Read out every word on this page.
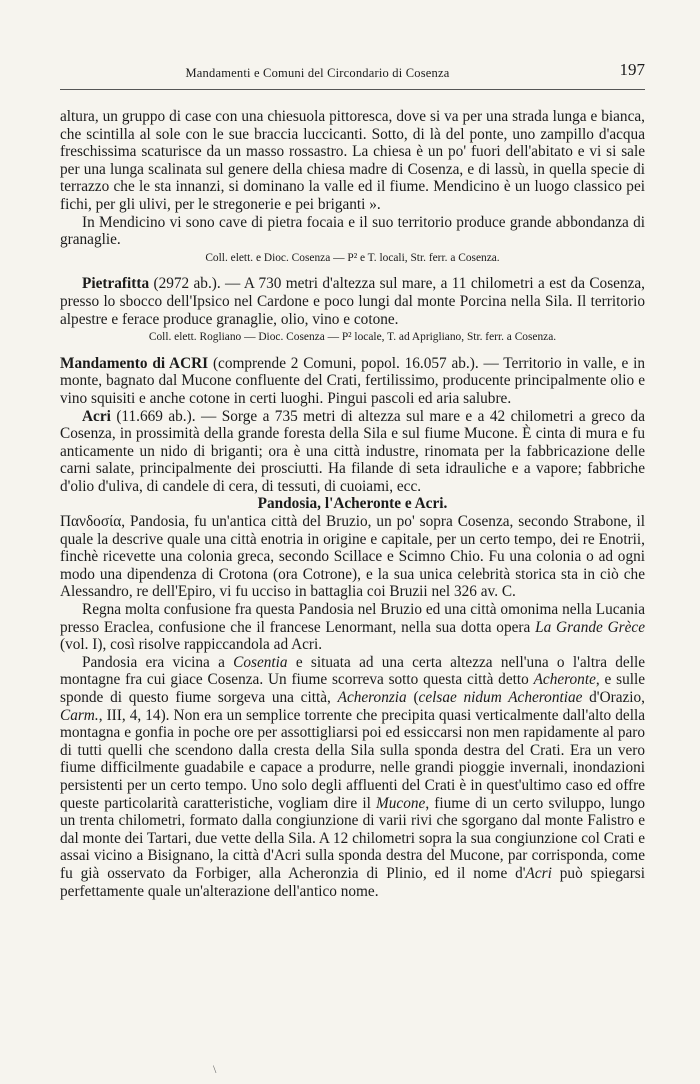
Mandamenti e Comuni del Circondario di Cosenza	197

altura, un gruppo di case con una chiesuola pittoresca, dove si va per una strada lunga e bianca, che scintilla al sole con le sue braccia luccicanti. Sotto, di là del ponte, uno zampillo d'acqua freschissima scaturisce da un masso rossastro. La chiesa è un po' fuori dell'abitato e vi si sale per una lunga scalinata sul genere della chiesa madre di Cosenza, e di lassù, in quella specie di terrazzo che le sta innanzi, si dominano la valle ed il fiume. Mendicino è un luogo classico pei fichi, per gli ulivi, per le stregonerie e pei briganti ».

In Mendicino vi sono cave di pietra focaia e il suo territorio produce grande abbondanza di granaglie.

Coll. elett. e Dioc. Cosenza — P² e T. locali, Str. ferr. a Cosenza.

Pietrafitta (2972 ab.). — A 730 metri d'altezza sul mare, a 11 chilometri a est da Cosenza, presso lo sbocco dell'Ipsico nel Cardone e poco lungi dal monte Porcina nella Sila. Il territorio alpestre e ferace produce granaglie, olio, vino e cotone.

Coll. elett. Rogliano — Dioc. Cosenza — P² locale, T. ad Aprigliano, Str. ferr. a Cosenza.

Mandamento di ACRI (comprende 2 Comuni, popol. 16.057 ab.). — Territorio in valle, e in monte, bagnato dal Mucone confluente del Crati, fertilissimo, producente principalmente olio e vino squisiti e anche cotone in certi luoghi. Pingui pascoli ed aria salubre.

Acri (11.669 ab.). — Sorge a 735 metri di altezza sul mare e a 42 chilometri a greco da Cosenza, in prossimità della grande foresta della Sila e sul fiume Mucone. È cinta di mura e fu anticamente un nido di briganti; ora è una città industre, rinomata per la fabbricazione delle carni salate, principalmente dei prosciutti. Ha filande di seta idrauliche e a vapore; fabbriche d'olio d'uliva, di candele di cera, di tessuti, di cuoiami, ecc.

Pandosia, l'Acheronte e Acri.

Πανδοσία, Pandosia, fu un'antica città del Bruzio, un po' sopra Cosenza, secondo Strabone, il quale la descrive quale una città enotria in origine e capitale, per un certo tempo, dei re Enotrii, finchè ricevette una colonia greca, secondo Scillace e Scimno Chio. Fu una colonia o ad ogni modo una dipendenza di Crotona (ora Cotrone), e la sua unica celebrità storica sta in ciò che Alessandro, re dell'Epiro, vi fu ucciso in battaglia coi Bruzii nel 326 av. C.

Regna molta confusione fra questa Pandosia nel Bruzio ed una città omonima nella Lucania presso Eraclea, confusione che il francese Lenormant, nella sua dotta opera La Grande Grèce (vol. I), così risolve rappiccandola ad Acri.

Pandosia era vicina a Cosentia e situata ad una certa altezza nell'una o l'altra delle montagne fra cui giace Cosenza. Un fiume scorreva sotto questa città detto Acheronte, e sulle sponde di questo fiume sorgeva una città, Acheronzia (celsae nidum Acherontiae d'Orazio, Carm., III, 4, 14). Non era un semplice torrente che precipita quasi verticalmente dall'alto della montagna e gonfia in poche ore per assottigliarsi poi ed essiccarsi non men rapidamente al paro di tutti quelli che scendono dalla cresta della Sila sulla sponda destra del Crati. Era un vero fiume difficilmente guadabile e capace a produrre, nelle grandi pioggie invernali, inondazioni persistenti per un certo tempo. Uno solo degli affluenti del Crati è in quest'ultimo caso ed offre queste particolarità caratteristiche, vogliam dire il Mucone, fiume di un certo sviluppo, lungo un trenta chilometri, formato dalla congiunzione di varii rivi che sgorgano dal monte Falistro e dal monte dei Tartari, due vette della Sila. A 12 chilometri sopra la sua congiunzione col Crati e assai vicino a Bisignano, la città d'Acri sulla sponda destra del Mucone, par corrisponda, come fu già osservato da Forbiger, alla Acheronzia di Plinio, ed il nome d'Acri può spiegarsi perfettamente quale un'alterazione dell'antico nome.

\
